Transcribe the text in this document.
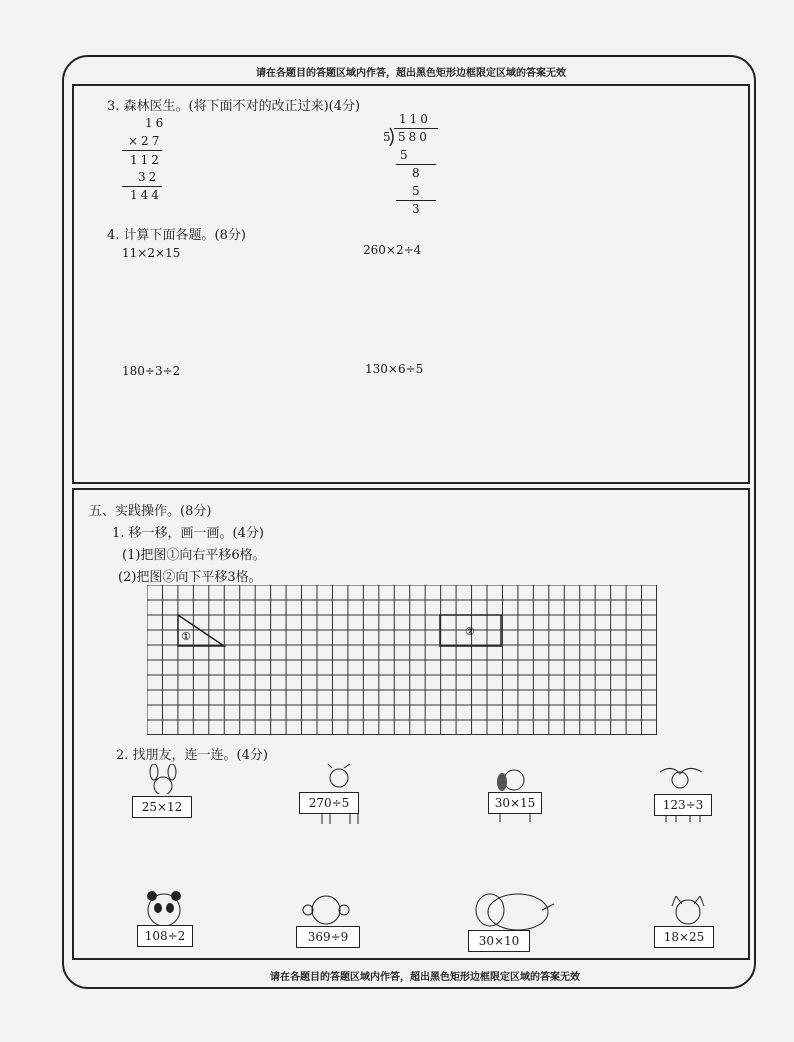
请在各题目的答题区域内作答，超出黑色矩形边框限定区域的答案无效
请在各题目的答题区域内作答，超出黑色矩形边框限定区域的答案无效
3. 森林医生。(将下面不对的改正过来)(4分)
16
×27
112
32
144
110
5 580
5
8
5
3
4. 计算下面各题。(8分)
11×2×15	260×2÷4
180÷3÷2	130×6÷5
五、实践操作。(8分)
1. 移一移，画一画。(4分)
(1)把图①向右平移6格。
(2)把图②向下平移3格。
①	②
2. 找朋友，连一连。(4分)
25×12	270÷5	30×15	123÷3
108÷2	369÷9	30×10	18×25
